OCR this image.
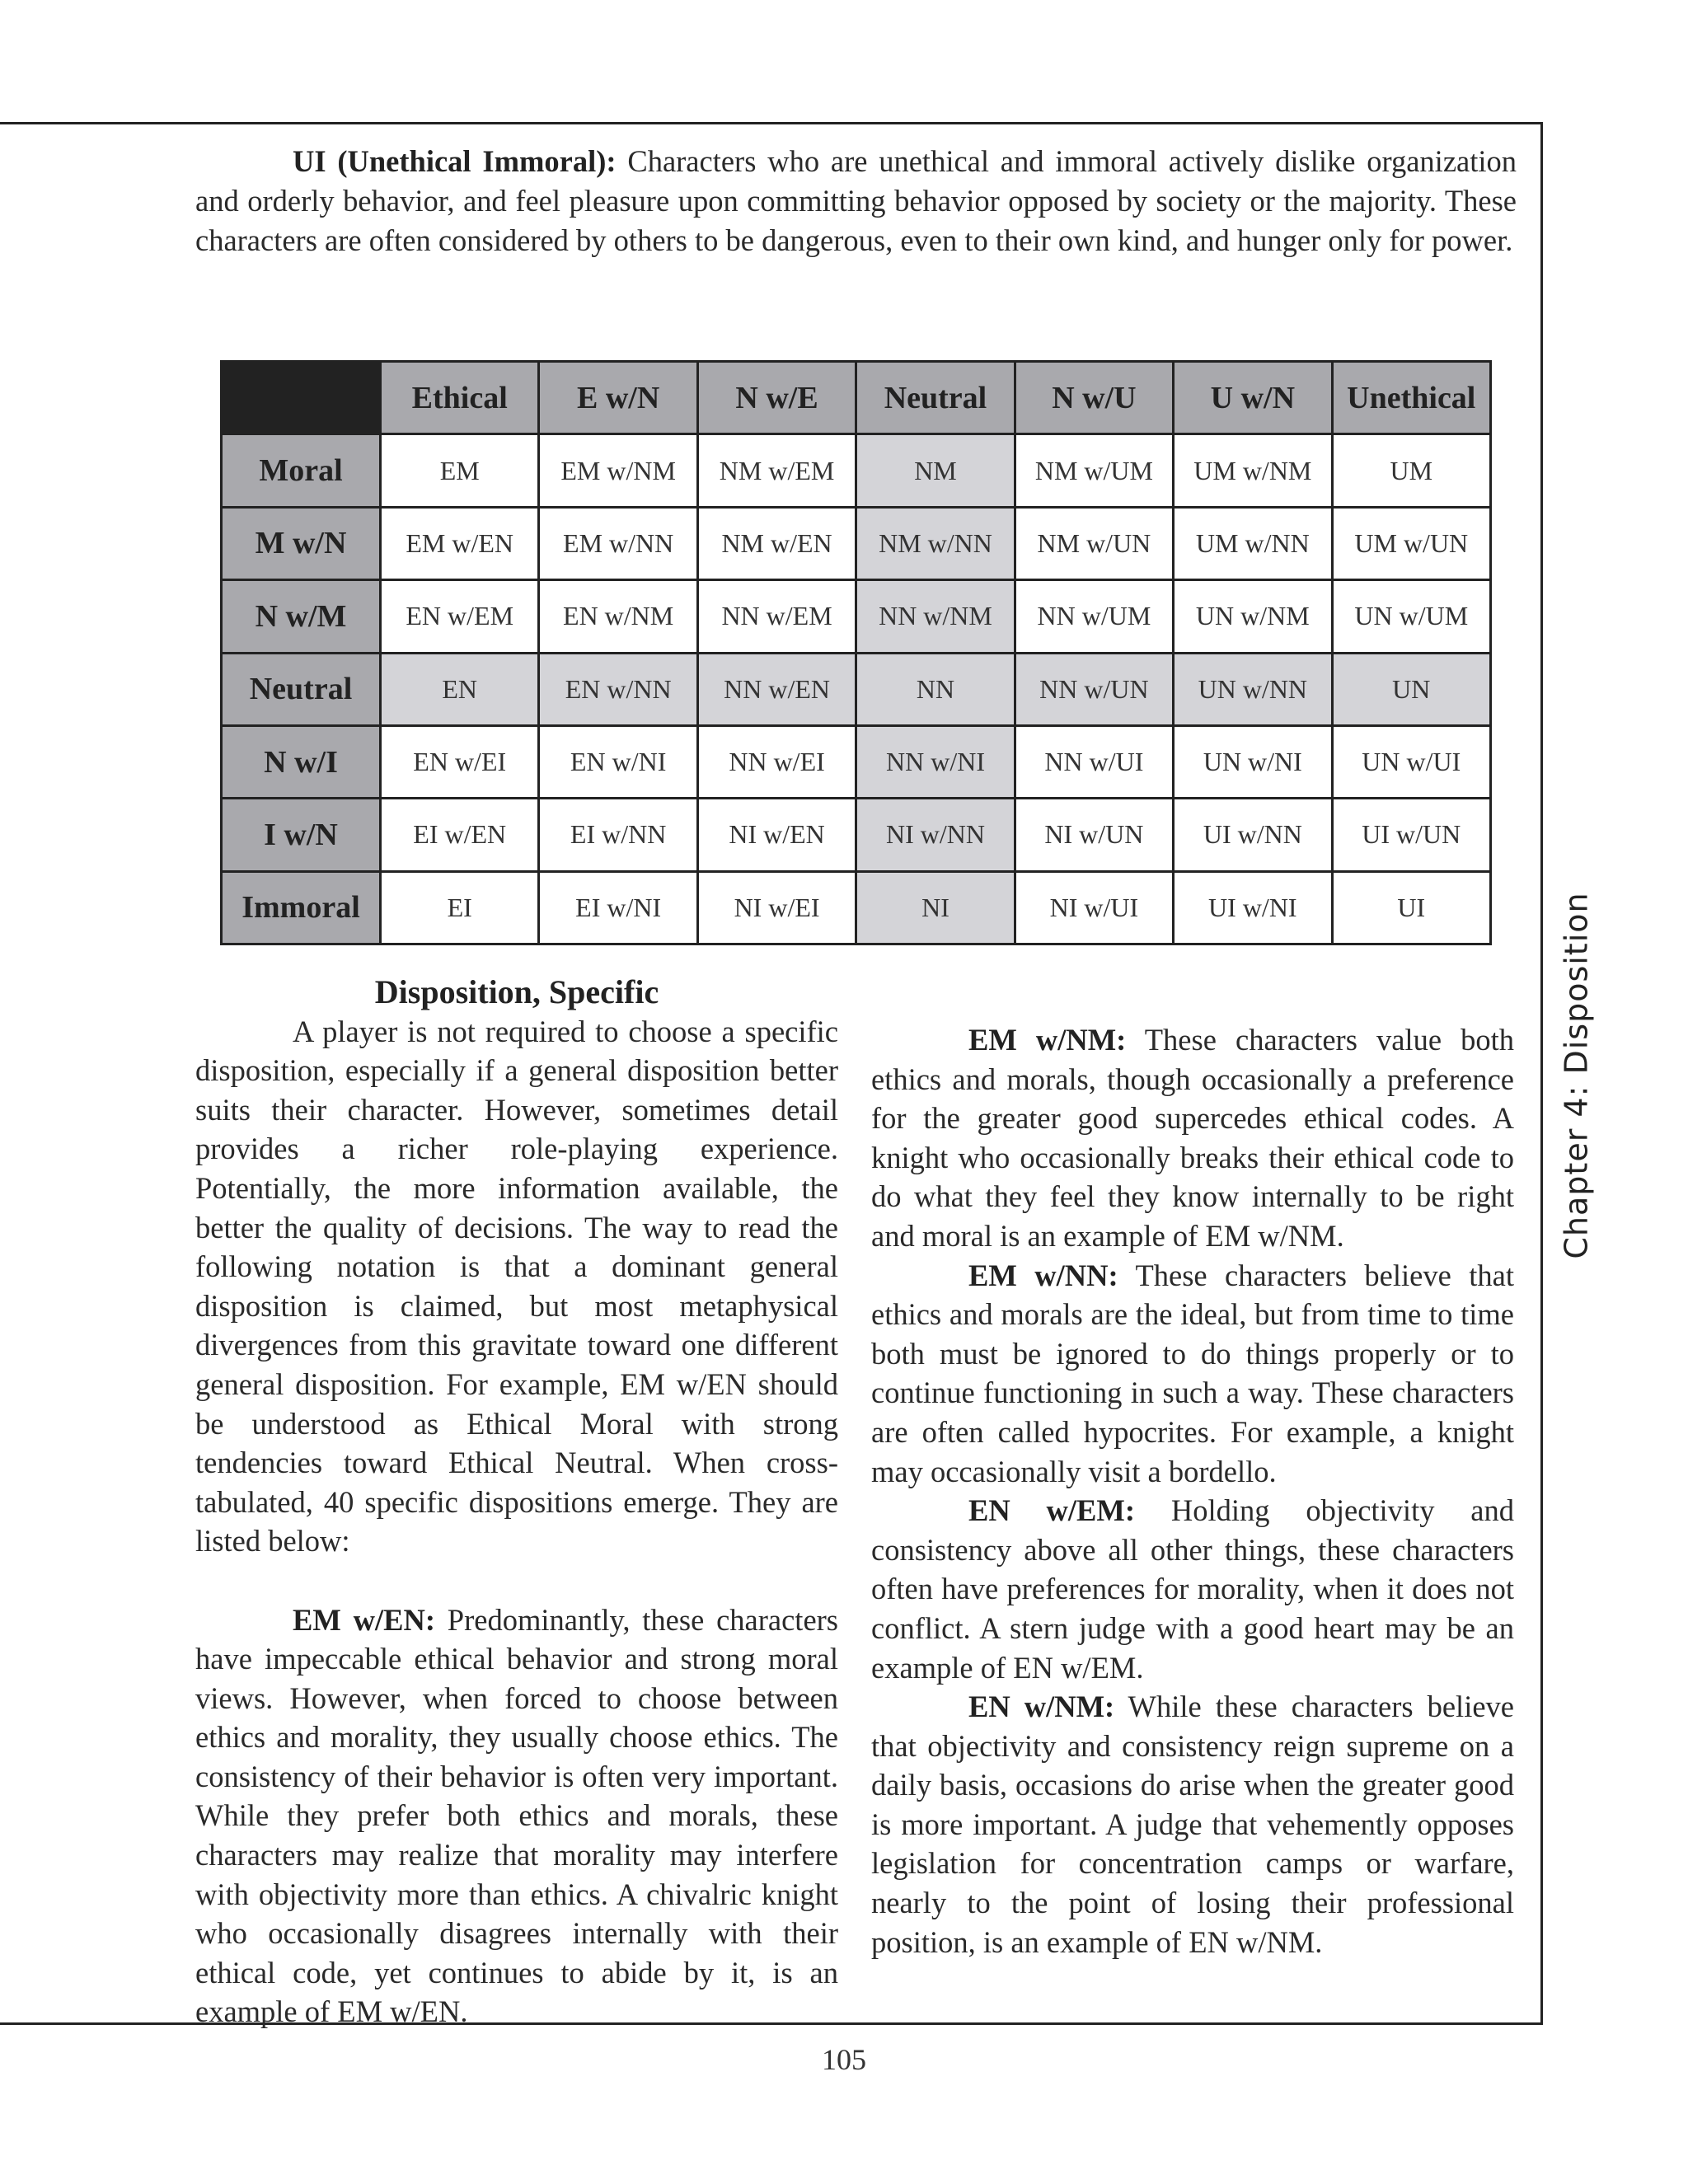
UI (Unethical Immoral): Characters who are unethical and immoral actively dislike organization and orderly behavior, and feel pleasure upon committing behavior opposed by society or the majority. These characters are often considered by others to be dangerous, even to their own kind, and hunger only for power.

	Ethical	E w/N	N w/E	Neutral	N w/U	U w/N	Unethical
Moral	EM	EM w/NM	NM w/EM	NM	NM w/UM	UM w/NM	UM
M w/N	EM w/EN	EM w/NN	NM w/EN	NM w/NN	NM w/UN	UM w/NN	UM w/UN
N w/M	EN w/EM	EN w/NM	NN w/EM	NN w/NM	NN w/UM	UN w/NM	UN w/UM
Neutral	EN	EN w/NN	NN w/EN	NN	NN w/UN	UN w/NN	UN
N w/I	EN w/EI	EN w/NI	NN w/EI	NN w/NI	NN w/UI	UN w/NI	UN w/UI
I w/N	EI w/EN	EI w/NN	NI w/EN	NI w/NN	NI w/UN	UI w/NN	UI w/UN
Immoral	EI	EI w/NI	NI w/EI	NI	NI w/UI	UI w/NI	UI

Disposition, Specific

A player is not required to choose a specific disposition, especially if a general disposition better suits their character. However, sometimes detail provides a richer role-playing experience. Potentially, the more information available, the better the quality of decisions. The way to read the following notation is that a dominant general disposition is claimed, but most metaphysical divergences from this gravitate toward one different general disposition. For example, EM w/EN should be understood as Ethical Moral with strong tendencies toward Ethical Neutral. When cross-tabulated, 40 specific dispositions emerge. They are listed below:

EM w/EN: Predominantly, these characters have impeccable ethical behavior and strong moral views. However, when forced to choose between ethics and morality, they usually choose ethics. The consistency of their behavior is often very important. While they prefer both ethics and morals, these characters may realize that morality may interfere with objectivity more than ethics. A chivalric knight who occasionally disagrees internally with their ethical code, yet continues to abide by it, is an example of EM w/EN.

EM w/NM: These characters value both ethics and morals, though occasionally a preference for the greater good supercedes ethical codes. A knight who occasionally breaks their ethical code to do what they feel they know internally to be right and moral is an example of EM w/NM.

EM w/NN: These characters believe that ethics and morals are the ideal, but from time to time both must be ignored to do things properly or to continue functioning in such a way. These characters are often called hypocrites. For example, a knight may occasionally visit a bordello.

EN w/EM: Holding objectivity and consistency above all other things, these characters often have preferences for morality, when it does not conflict. A stern judge with a good heart may be an example of EN w/EM.

EN w/NM: While these characters believe that objectivity and consistency reign supreme on a daily basis, occasions do arise when the greater good is more important. A judge that vehemently opposes legislation for concentration camps or warfare, nearly to the point of losing their professional position, is an example of EN w/NM.

Chapter 4: Disposition
105
